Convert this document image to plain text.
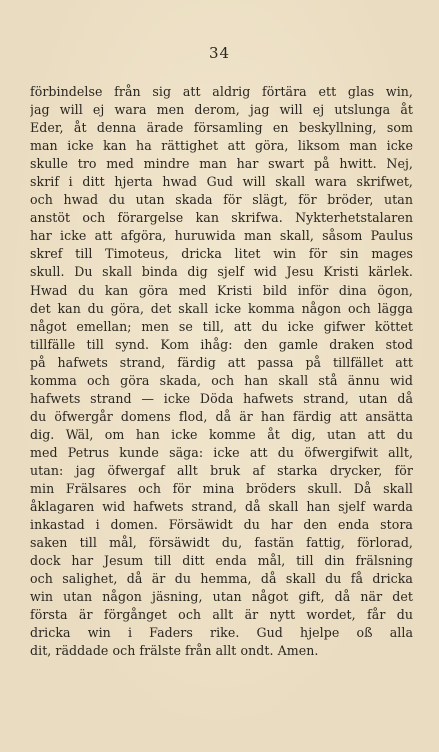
34
förbindelse från sig att aldrig förtära ett glas win,
jag will ej wara men derom, jag will ej utslunga åt
Eder, åt denna ärade församling en beskyllning, som
man icke kan ha rättighet att göra, liksom man icke
skulle tro med mindre man har swart på hwitt. Nej,
skrif i ditt hjerta hwad Gud will skall wara skrifwet,
och hwad du utan skada för slägt, för bröder, utan
anstöt och förargelse kan skrifwa. Nykterhetstalaren
har icke att afgöra, huruwida man skall, såsom Paulus
skref till Timoteus, dricka litet win för sin mages
skull. Du skall binda dig sjelf wid Jesu Kristi kärlek.
Hwad du kan göra med Kristi bild inför dina ögon,
det kan du göra, det skall icke komma någon och lägga
något emellan; men se till, att du icke gifwer köttet
tillfälle till synd. Kom ihåg: den gamle draken stod
på hafwets strand, färdig att passa på tillfället att
komma och göra skada, och han skall stå ännu wid
hafwets strand — icke Döda hafwets strand, utan då
du öfwergår domens flod, då är han färdig att ansätta
dig. Wäl, om han icke komme åt dig, utan att du
med Petrus kunde säga: icke att du öfwergifwit allt,
utan: jag öfwergaf allt bruk af starka drycker, för
min Frälsares och för mina bröders skull. Då skall
åklagaren wid hafwets strand, då skall han sjelf warda
inkastad i domen. Försäwidt du har den enda stora
saken till mål, försäwidt du, fastän fattig, förlorad,
dock har Jesum till ditt enda mål, till din frälsning
och salighet, då är du hemma, då skall du få dricka
win utan någon jäsning, utan något gift, då när det
första är förgånget och allt är nytt wordet, får du
dricka win i Faders rike. Gud hjelpe oß alla
dit, räddade och frälste från allt ondt. Amen.
